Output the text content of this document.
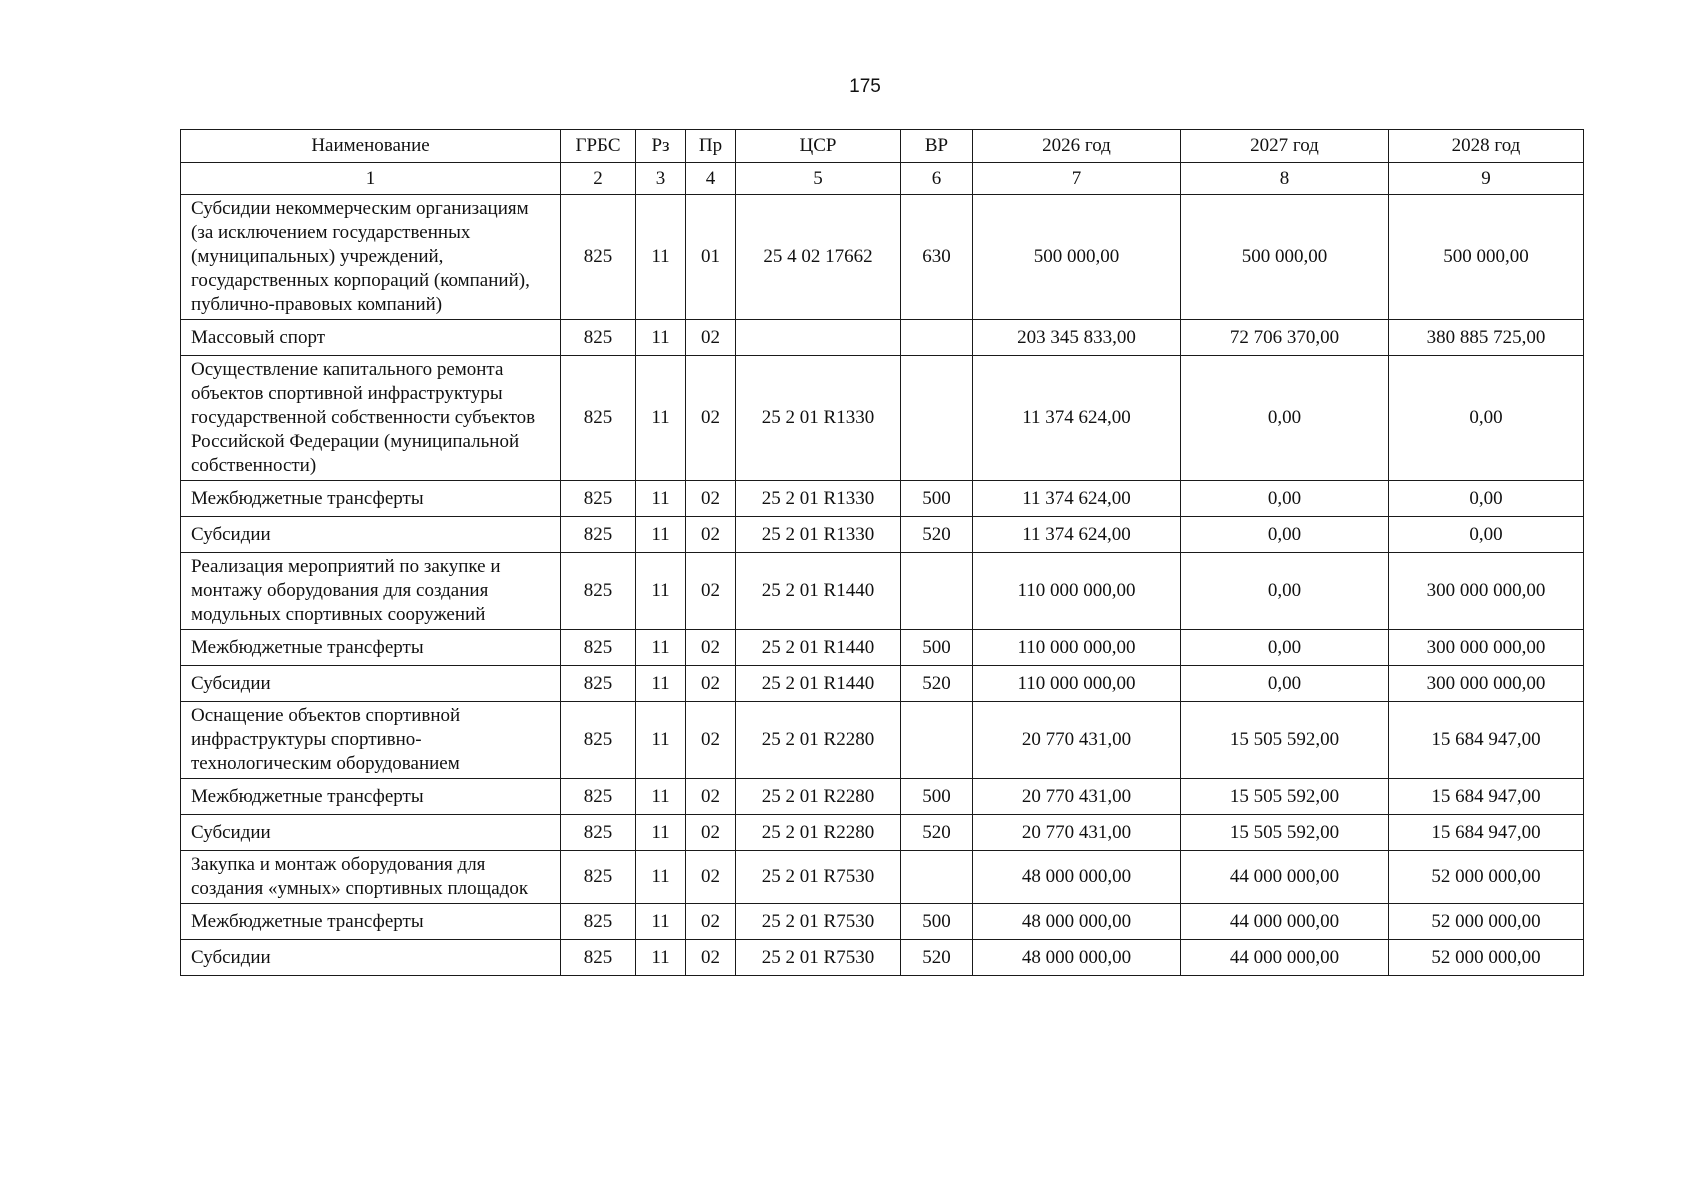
175
Наименование	ГРБС	Рз	Пр	ЦСР	ВР	2026 год	2027 год	2028 год
1	2	3	4	5	6	7	8	9
Субсидии некоммерческим организациям (за исключением государственных (муниципальных) учреждений, государственных корпораций (компаний), публично-правовых компаний)	825	11	01	25 4 02 17662	630	500 000,00	500 000,00	500 000,00
Массовый спорт	825	11	02			203 345 833,00	72 706 370,00	380 885 725,00
Осуществление капитального ремонта объектов спортивной инфраструктуры государственной собственности субъектов Российской Федерации (муниципальной собственности)	825	11	02	25 2 01 R1330		11 374 624,00	0,00	0,00
Межбюджетные трансферты	825	11	02	25 2 01 R1330	500	11 374 624,00	0,00	0,00
Субсидии	825	11	02	25 2 01 R1330	520	11 374 624,00	0,00	0,00
Реализация мероприятий по закупке и монтажу оборудования для создания модульных спортивных сооружений	825	11	02	25 2 01 R1440		110 000 000,00	0,00	300 000 000,00
Межбюджетные трансферты	825	11	02	25 2 01 R1440	500	110 000 000,00	0,00	300 000 000,00
Субсидии	825	11	02	25 2 01 R1440	520	110 000 000,00	0,00	300 000 000,00
Оснащение объектов спортивной инфраструктуры спортивно-технологическим оборудованием	825	11	02	25 2 01 R2280		20 770 431,00	15 505 592,00	15 684 947,00
Межбюджетные трансферты	825	11	02	25 2 01 R2280	500	20 770 431,00	15 505 592,00	15 684 947,00
Субсидии	825	11	02	25 2 01 R2280	520	20 770 431,00	15 505 592,00	15 684 947,00
Закупка и монтаж оборудования для создания «умных» спортивных площадок	825	11	02	25 2 01 R7530		48 000 000,00	44 000 000,00	52 000 000,00
Межбюджетные трансферты	825	11	02	25 2 01 R7530	500	48 000 000,00	44 000 000,00	52 000 000,00
Субсидии	825	11	02	25 2 01 R7530	520	48 000 000,00	44 000 000,00	52 000 000,00
